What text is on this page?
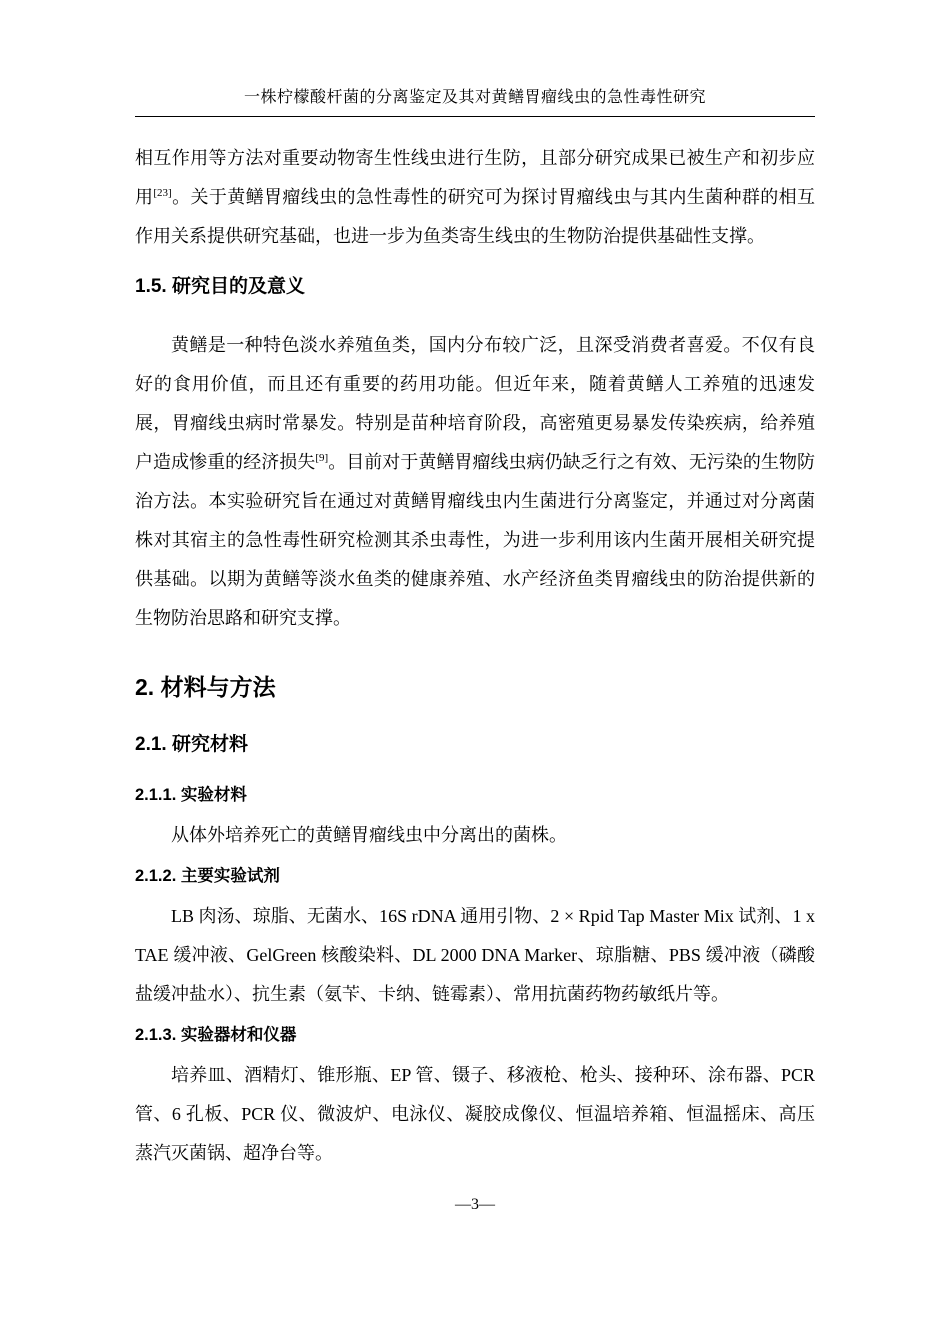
一株柠檬酸杆菌的分离鉴定及其对黄鳝胃瘤线虫的急性毒性研究

相互作用等方法对重要动物寄生性线虫进行生防，且部分研究成果已被生产和初步应用[23]。关于黄鳝胃瘤线虫的急性毒性的研究可为探讨胃瘤线虫与其内生菌种群的相互作用关系提供研究基础，也进一步为鱼类寄生线虫的生物防治提供基础性支撑。

1.5. 研究目的及意义

黄鳝是一种特色淡水养殖鱼类，国内分布较广泛，且深受消费者喜爱。不仅有良好的食用价值，而且还有重要的药用功能。但近年来，随着黄鳝人工养殖的迅速发展，胃瘤线虫病时常暴发。特别是苗种培育阶段，高密殖更易暴发传染疾病，给养殖户造成惨重的经济损失[9]。目前对于黄鳝胃瘤线虫病仍缺乏行之有效、无污染的生物防治方法。本实验研究旨在通过对黄鳝胃瘤线虫内生菌进行分离鉴定，并通过对分离菌株对其宿主的急性毒性研究检测其杀虫毒性，为进一步利用该内生菌开展相关研究提供基础。以期为黄鳝等淡水鱼类的健康养殖、水产经济鱼类胃瘤线虫的防治提供新的生物防治思路和研究支撑。

2. 材料与方法
2.1. 研究材料
2.1.1. 实验材料

从体外培养死亡的黄鳝胃瘤线虫中分离出的菌株。

2.1.2. 主要实验试剂

LB 肉汤、琼脂、无菌水、16S rDNA 通用引物、2 × Rpid Tap Master Mix 试剂、1 x TAE 缓冲液、GelGreen 核酸染料、DL 2000 DNA Marker、琼脂糖、PBS 缓冲液（磷酸盐缓冲盐水）、抗生素（氨苄、卡纳、链霉素）、常用抗菌药物药敏纸片等。

2.1.3. 实验器材和仪器

培养皿、酒精灯、锥形瓶、EP 管、镊子、移液枪、枪头、接种环、涂布器、PCR 管、6 孔板、PCR 仪、微波炉、电泳仪、凝胶成像仪、恒温培养箱、恒温摇床、高压蒸汽灭菌锅、超净台等。

—3—
